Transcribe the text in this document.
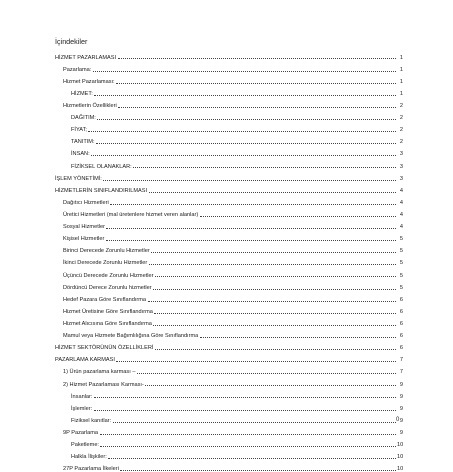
İçindekiler
HİZMET PAZARLAMASI	1
Pazarlama:	1
Hizmet Pazarlaması:	1
HİZMET:	1
Hizmetlerin Özellikleri	2
DAĞITIM:	2
FİYAT;	2
TANITIM:	2
İNSAN:	3
FİZİKSEL OLANAKLAR:	3
İŞLEM YÖNETİMİ:	3
HİZMETLERİN SINIFLANDIRILMASI	4
Dağıtıcı Hizmetleri	4
Üretici Hizmetleri (mal üretenlere hizmet veren alanlar)	4
Sosyal Hizmetler	4
Kişisel Hizmetler	5
Birinci Derecede Zorunlu Hizmetler	5
İkinci Derecede Zorunlu Hizmetler	5
Üçüncü Derecede Zorunlu Hizmetler	5
Dördüncü Derece Zorunlu hizmetler	5
Hedef Pazara Göre Sınıflandırma	6
Hizmet Üretisine Göre Sınıflandırma	6
Hizmet Alıcısına Göre Sınıflandırma	6
Mamul veya Hizmete Bağımlılığına Göre Sınıflandırma	6
HİZMET SEKTÖRÜNÜN ÖZELLİKLERİ	6
PAZARLAMA KARMASI	7
1) Ürün pazarlama karması –	7
2) Hizmet Pazarlaması Karması-	9
İnsanlar:	9
İşlemler:	9
Fiziksel kanıtlar:	9
9P Pazarlama	9
Paketleme:	10
Halkla İlişkiler:	10
27P Pazarlama İlkeleri	10
0
